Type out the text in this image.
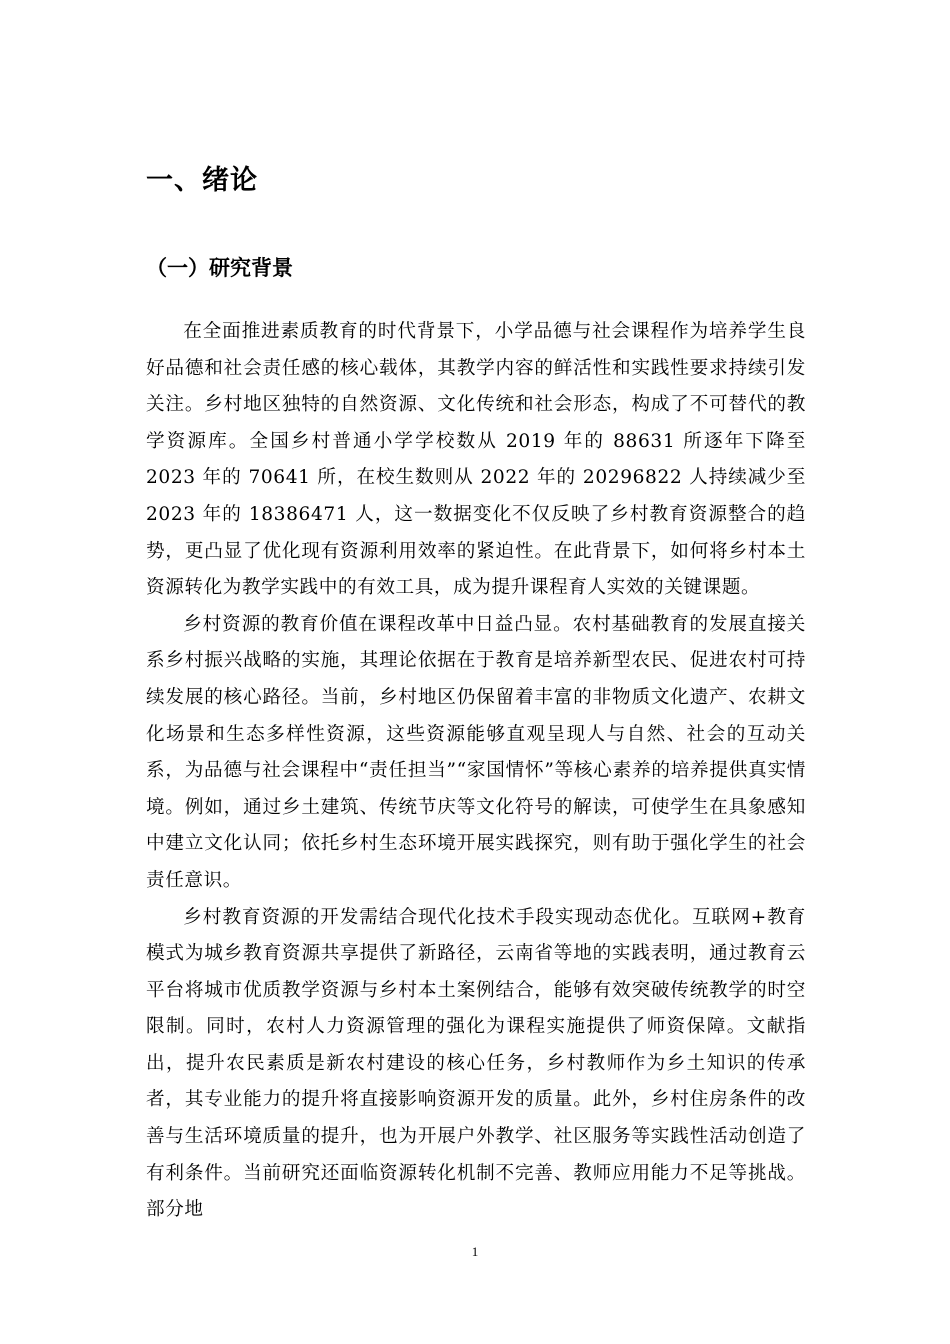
一、绪论
（一）研究背景

在全面推进素质教育的时代背景下，小学品德与社会课程作为培养学生良好品德和社会责任感的核心载体，其教学内容的鲜活性和实践性要求持续引发关注。乡村地区独特的自然资源、文化传统和社会形态，构成了不可替代的教学资源库。全国乡村普通小学学校数从 2019 年的 88631 所逐年下降至 2023 年的 70641 所，在校生数则从 2022 年的 20296822 人持续减少至 2023 年的 18386471 人，这一数据变化不仅反映了乡村教育资源整合的趋势，更凸显了优化现有资源利用效率的紧迫性。在此背景下，如何将乡村本土资源转化为教学实践中的有效工具，成为提升课程育人实效的关键课题。

乡村资源的教育价值在课程改革中日益凸显。农村基础教育的发展直接关系乡村振兴战略的实施，其理论依据在于教育是培养新型农民、促进农村可持续发展的核心路径。当前，乡村地区仍保留着丰富的非物质文化遗产、农耕文化场景和生态多样性资源，这些资源能够直观呈现人与自然、社会的互动关系，为品德与社会课程中“责任担当”“家国情怀”等核心素养的培养提供真实情境。例如，通过乡土建筑、传统节庆等文化符号的解读，可使学生在具象感知中建立文化认同；依托乡村生态环境开展实践探究，则有助于强化学生的社会责任意识。

乡村教育资源的开发需结合现代化技术手段实现动态优化。互联网+教育模式为城乡教育资源共享提供了新路径，云南省等地的实践表明，通过教育云平台将城市优质教学资源与乡村本土案例结合，能够有效突破传统教学的时空限制。同时，农村人力资源管理的强化为课程实施提供了师资保障。文献指出，提升农民素质是新农村建设的核心任务，乡村教师作为乡土知识的传承者，其专业能力的提升将直接影响资源开发的质量。此外，乡村住房条件的改善与生活环境质量的提升，也为开展户外教学、社区服务等实践性活动创造了有利条件。当前研究还面临资源转化机制不完善、教师应用能力不足等挑战。部分地

1
